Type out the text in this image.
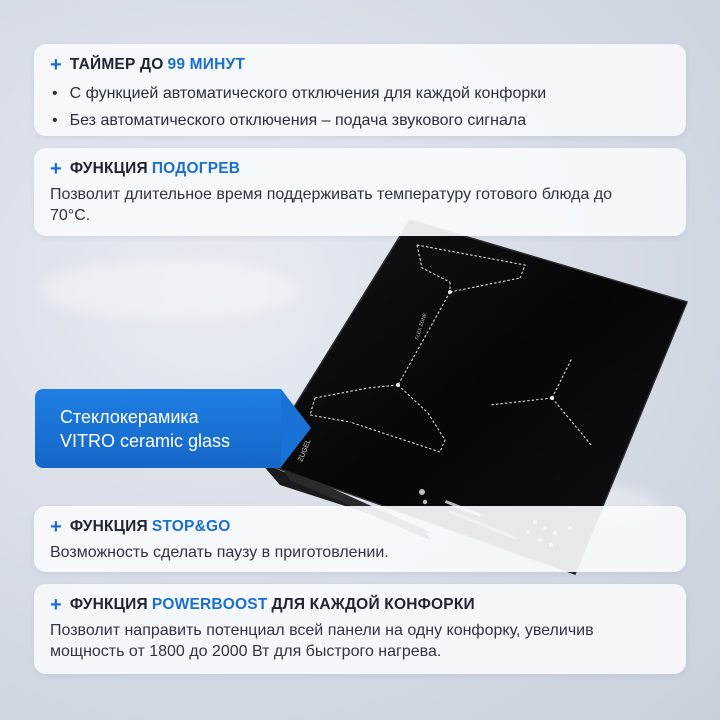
FLEX ZONE
+ ТАЙМЕР ДО 99 МИНУТ
• С функцией автоматического отключения для каждой конфорки
• Без автоматического отключения – подача звукового сигнала
+ ФУНКЦИЯ ПОДОГРЕВ
Позволит длительное время поддерживать температуру готового блюда до 70°C.
Стеклокерамика
VITRO ceramic glass
+ ФУНКЦИЯ STOP&GO
Возможность сделать паузу в приготовлении.
+ ФУНКЦИЯ POWERBOOST ДЛЯ КАЖДОЙ КОНФОРКИ
Позволит направить потенциал всей панели на одну конфорку, увеличив мощность от 1800 до 2000 Вт для быстрого нагрева.
